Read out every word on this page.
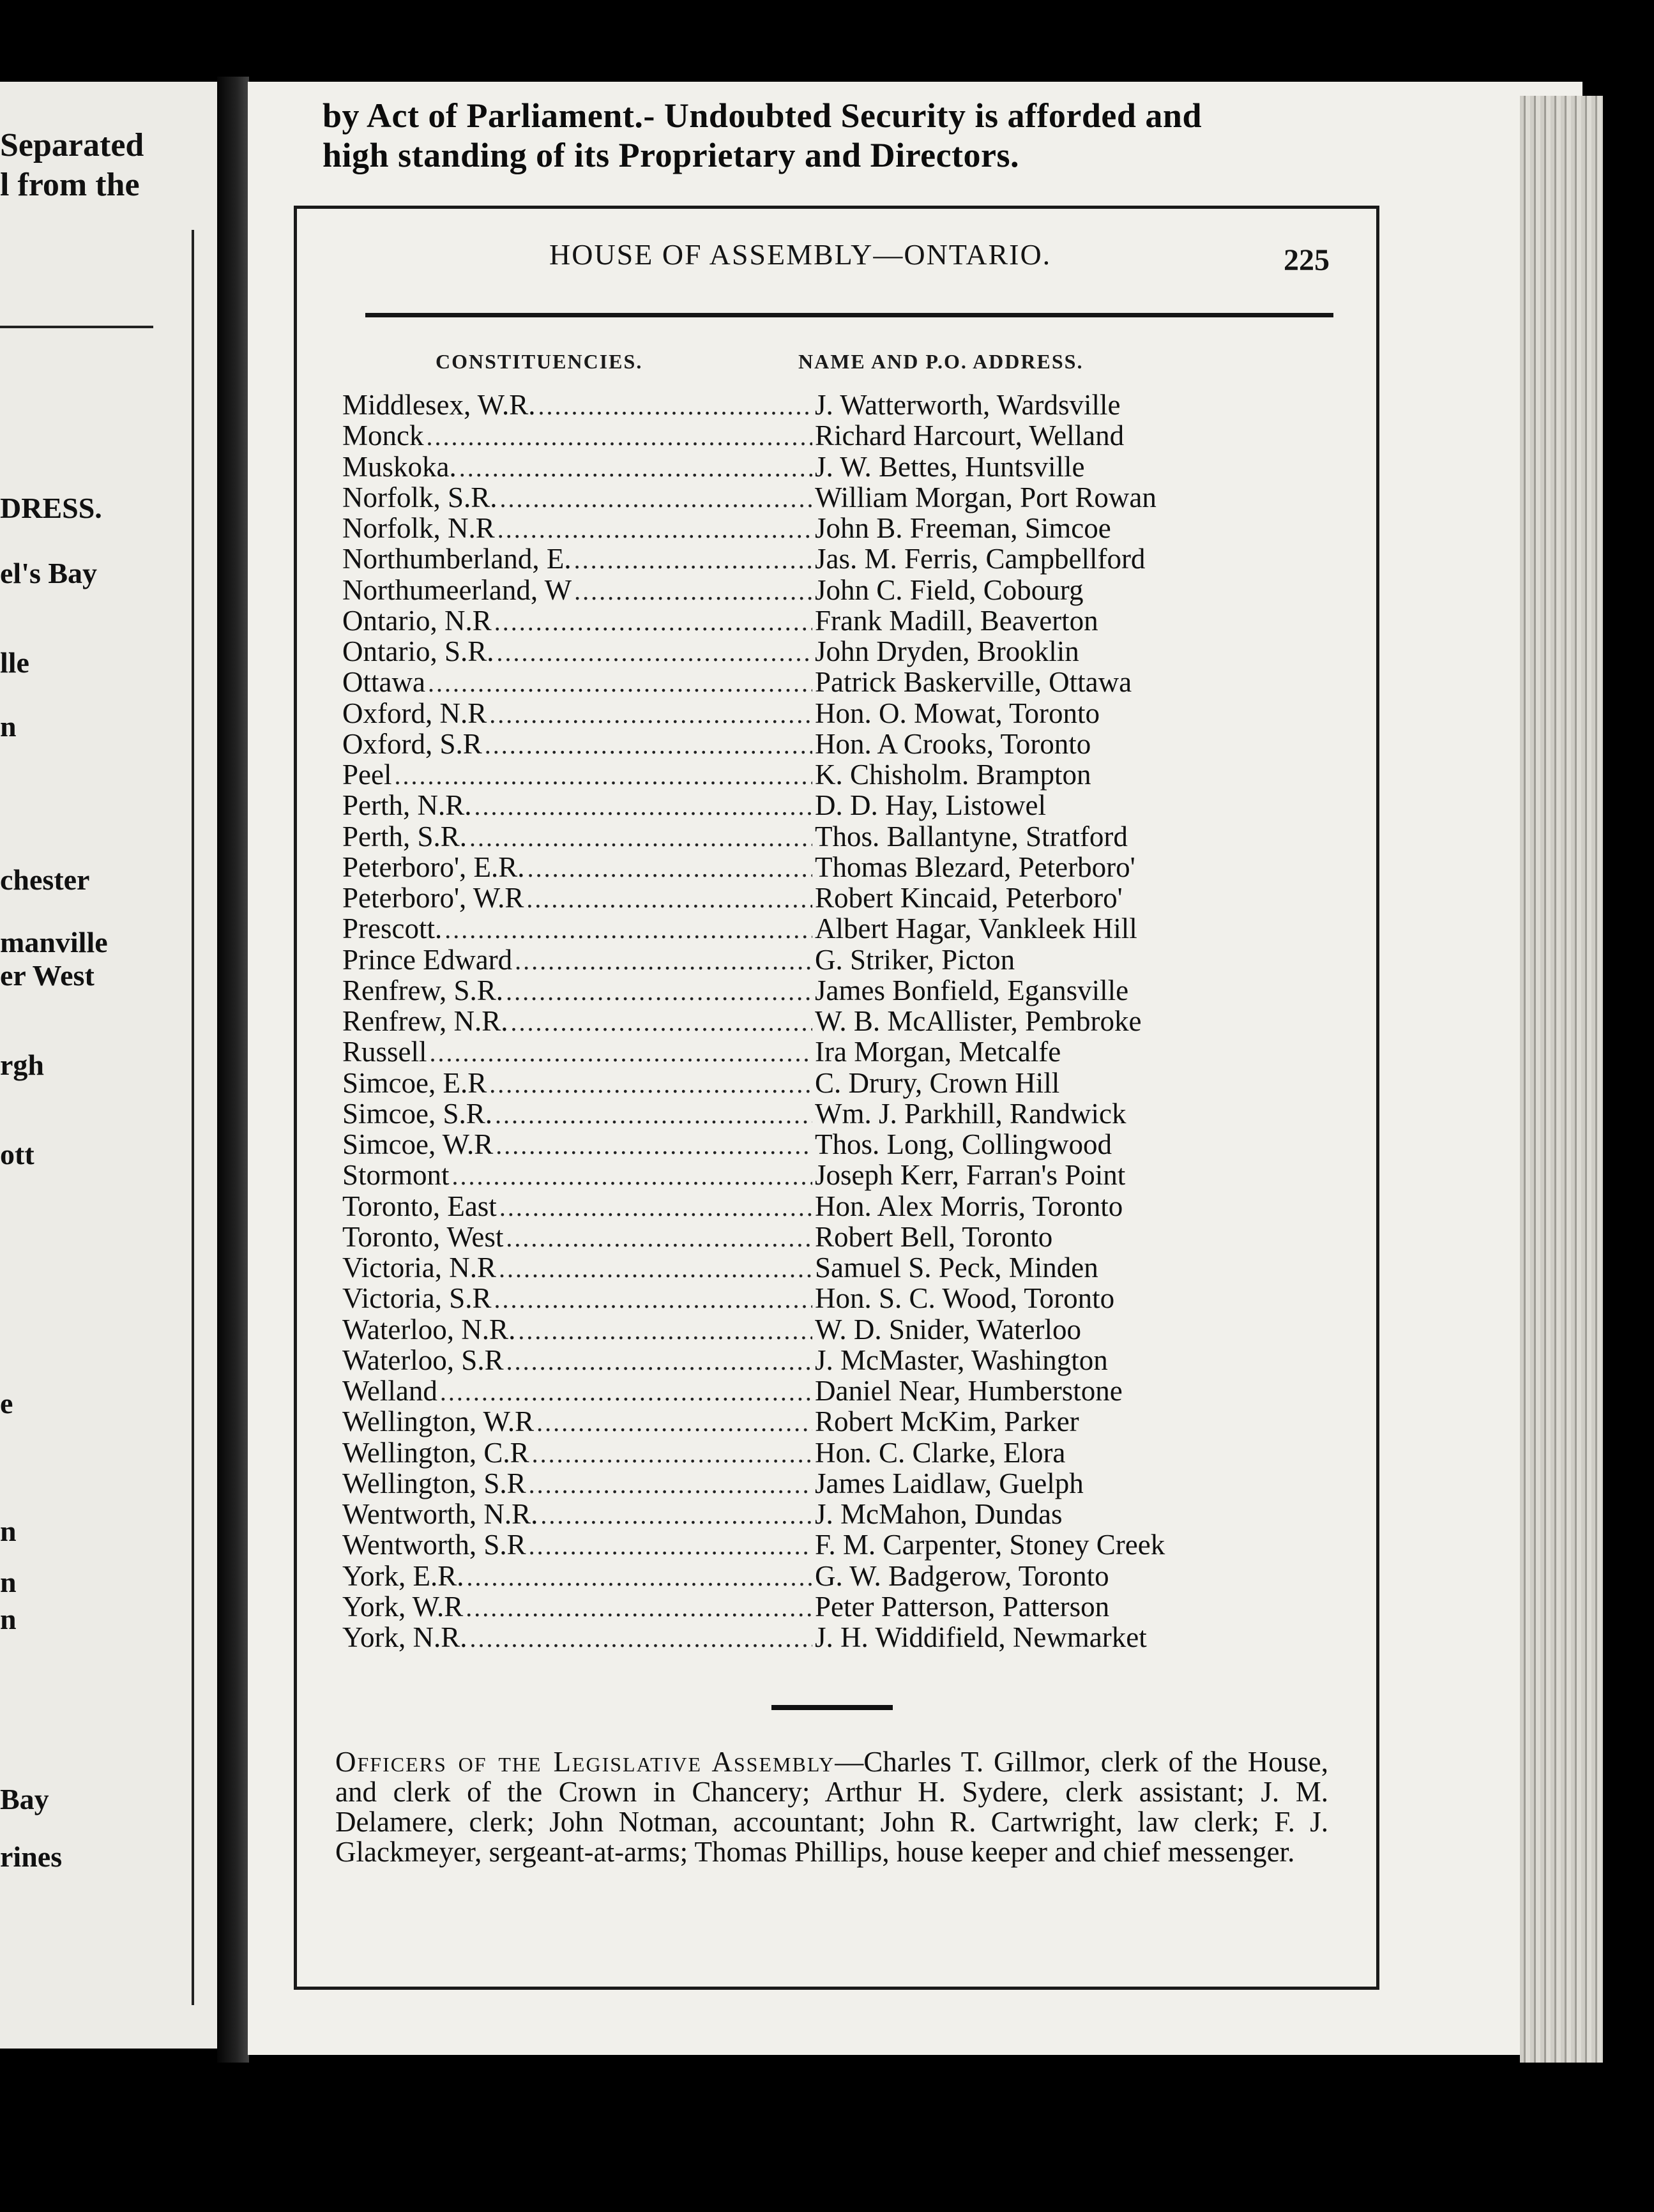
Separated
l from the
DRESS.
el's Bay
lle
n
chester
manville
er West
rgh
ott
e
n
n
n
Bay
rines
by Act of Parliament.- Undoubted Security is afforded and
high standing of its Proprietary and Directors.
HOUSE OF ASSEMBLY—ONTARIO.	225
CONSTITUENCIES.	NAME AND P.O. ADDRESS.
Middlesex, W.R. .....	J. Watterworth, Wardsville
Monck .....	Richard Harcourt, Welland
Muskoka. .....	J. W. Bettes, Huntsville
Norfolk, S.R. .....	William Morgan, Port Rowan
Norfolk, N.R .....	John B. Freeman, Simcoe
Northumberland, E. .....	Jas. M. Ferris, Campbellford
Northumeerland, W .....	John C. Field, Cobourg
Ontario, N.R .....	Frank Madill, Beaverton
Ontario, S.R. .....	John Dryden, Brooklin
Ottawa .....	Patrick Baskerville, Ottawa
Oxford, N.R .....	Hon. O. Mowat, Toronto
Oxford, S.R .....	Hon. A Crooks, Toronto
Peel .....	K. Chisholm. Brampton
Perth, N.R. .....	D. D. Hay, Listowel
Perth, S.R. .....	Thos. Ballantyne, Stratford
Peterboro', E.R. .....	Thomas Blezard, Peterboro'
Peterboro', W.R .....	Robert Kincaid, Peterboro'
Prescott. .....	Albert Hagar, Vankleek Hill
Prince Edward .....	G. Striker, Picton
Renfrew, S.R. .....	James Bonfield, Egansville
Renfrew, N.R. .....	W. B. McAllister, Pembroke
Russell .....	Ira Morgan, Metcalfe
Simcoe, E.R .....	C. Drury, Crown Hill
Simcoe, S.R. .....	Wm. J. Parkhill, Randwick
Simcoe, W.R .....	Thos. Long, Collingwood
Stormont .....	Joseph Kerr, Farran's Point
Toronto, East .....	Hon. Alex Morris, Toronto
Toronto, West .....	Robert Bell, Toronto
Victoria, N.R .....	Samuel S. Peck, Minden
Victoria, S.R .....	Hon. S. C. Wood, Toronto
Waterloo, N.R. .....	W. D. Snider, Waterloo
Waterloo, S.R .....	J. McMaster, Washington
Welland .....	Daniel Near, Humberstone
Wellington, W.R .....	Robert McKim, Parker
Wellington, C.R .....	Hon. C. Clarke, Elora
Wellington, S.R .....	James Laidlaw, Guelph
Wentworth, N.R. .....	J. McMahon, Dundas
Wentworth, S.R .....	F. M. Carpenter, Stoney Creek
York, E.R. .....	G. W. Badgerow, Toronto
York, W.R .....	Peter Patterson, Patterson
York, N.R. .....	J. H. Widdifield, Newmarket
Officers of the Legislative Assembly—Charles T. Gillmor, clerk of the House, and clerk of the Crown in Chancery; Arthur H. Sydere, clerk assistant; J. M. Delamere, clerk; John Notman, accountant; John R. Cartwright, law clerk; F. J. Glackmeyer, sergeant-at-arms; Thomas Phillips, house keeper and chief messenger.
